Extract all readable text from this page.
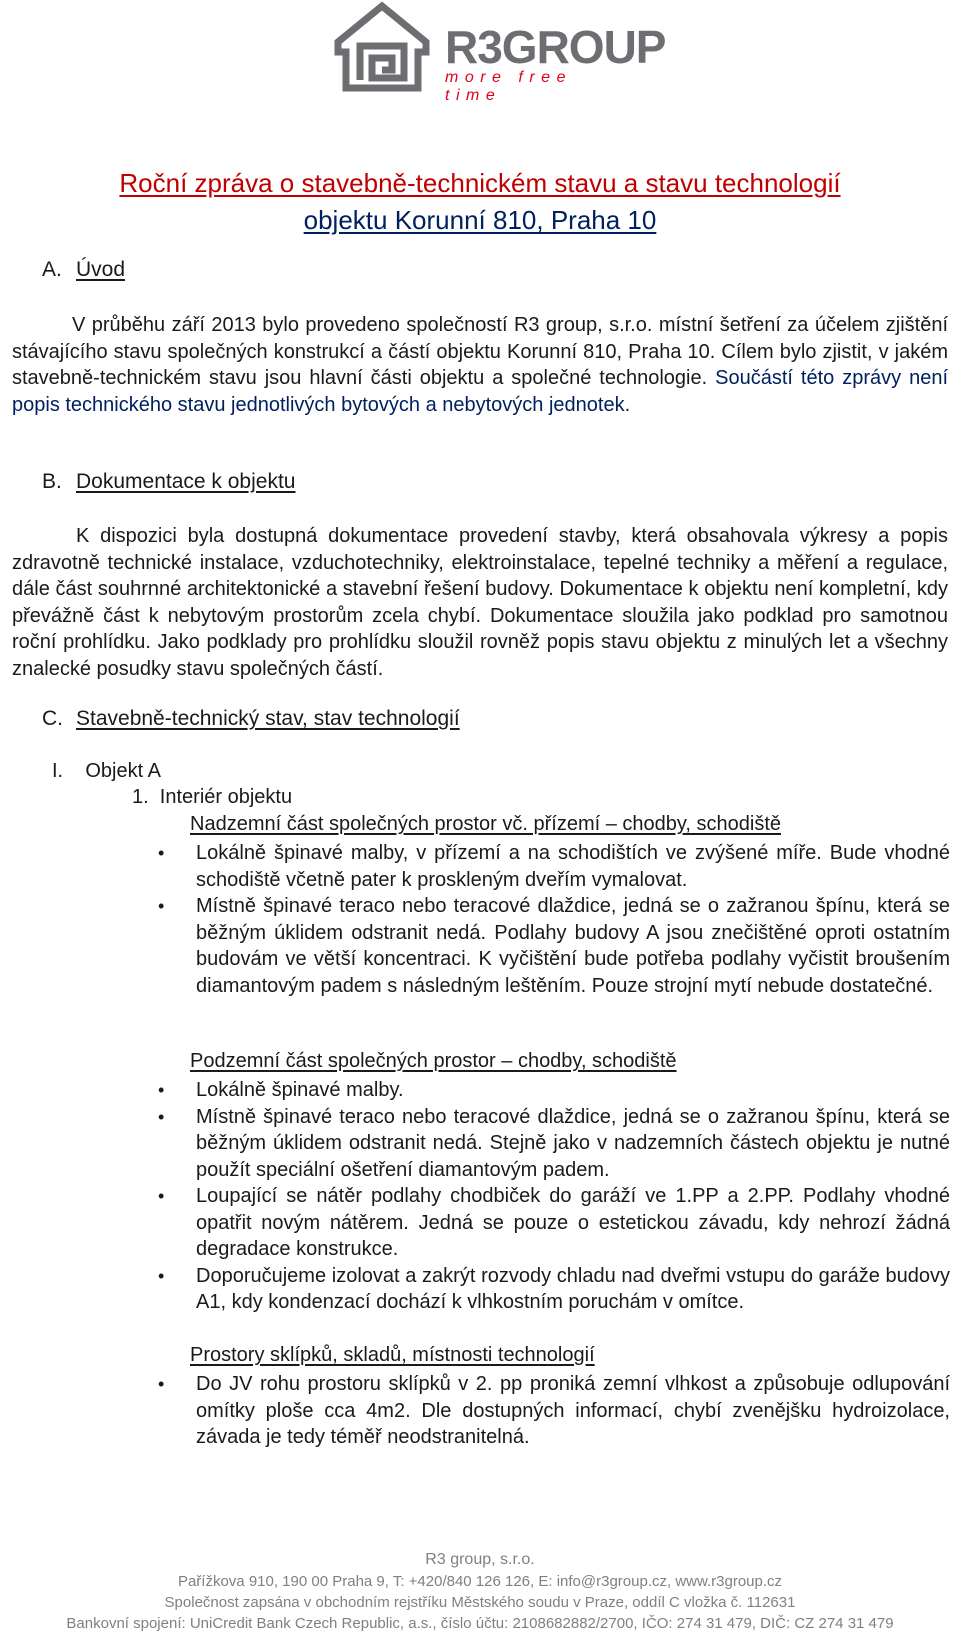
R3GROUP
more free time
Roční zpráva o stavebně-technickém stavu a stavu technologií
objektu Korunní 810, Praha 10
A. Úvod
V průběhu září 2013 bylo provedeno společností R3 group, s.r.o. místní šetření za účelem zjištění stávajícího stavu společných konstrukcí a částí objektu Korunní 810, Praha 10. Cílem bylo zjistit, v jakém stavebně-technickém stavu jsou hlavní části objektu a společné technologie. Součástí této zprávy není popis technického stavu jednotlivých bytových a nebytových jednotek.
B. Dokumentace k objektu
K dispozici byla dostupná dokumentace provedení stavby, která obsahovala výkresy a popis zdravotně technické instalace, vzduchotechniky, elektroinstalace, tepelné techniky a měření a regulace, dále část souhrnné architektonické a stavební řešení budovy. Dokumentace k objektu není kompletní, kdy převážně část k nebytovým prostorům zcela chybí. Dokumentace sloužila jako podklad pro samotnou roční prohlídku. Jako podklady pro prohlídku sloužil rovněž popis stavu objektu z minulých let a všechny znalecké posudky stavu společných částí.
C. Stavebně-technický stav, stav technologií
I.    Objekt A
1.  Interiér objektu
Nadzemní část společných prostor vč. přízemí – chodby, schodiště
• Lokálně špinavé malby, v přízemí a na schodištích ve zvýšené míře. Bude vhodné schodiště včetně pater k proskleným dveřím vymalovat.
• Místně špinavé teraco nebo teracové dlaždice, jedná se o zažranou špínu, která se běžným úklidem odstranit nedá. Podlahy budovy A jsou znečištěné oproti ostatním budovám ve větší koncentraci. K vyčištění bude potřeba podlahy vyčistit broušením diamantovým padem s následným leštěním. Pouze strojní mytí nebude dostatečné.
Podzemní část společných prostor – chodby, schodiště
• Lokálně špinavé malby.
• Místně špinavé teraco nebo teracové dlaždice, jedná se o zažranou špínu, která se běžným úklidem odstranit nedá. Stejně jako v nadzemních částech objektu je nutné použít speciální ošetření diamantovým padem.
• Loupající se nátěr podlahy chodbiček do garáží ve 1.PP a 2.PP. Podlahy vhodné opatřit novým nátěrem. Jedná se pouze o estetickou závadu, kdy nehrozí žádná degradace konstrukce.
• Doporučujeme izolovat a zakrýt rozvody chladu nad dveřmi vstupu do garáže budovy A1, kdy kondenzací dochází k vlhkostním poruchám v omítce.
Prostory sklípků, skladů, místnosti technologií
• Do JV rohu prostoru sklípků v 2. pp proniká zemní vlhkost a způsobuje odlupování omítky ploše cca 4m2. Dle dostupných informací, chybí zvenějšku hydroizolace, závada je tedy téměř neodstranitelná.
R3 group, s.r.o.
Pařížkova 910, 190 00 Praha 9, T: +420/840 126 126, E: info@r3group.cz, www.r3group.cz
Společnost zapsána v obchodním rejstříku Městského soudu v Praze, oddíl C vložka č. 112631
Bankovní spojení: UniCredit Bank Czech Republic, a.s., číslo účtu: 2108682882/2700, IČO: 274 31 479, DIČ: CZ 274 31 479
